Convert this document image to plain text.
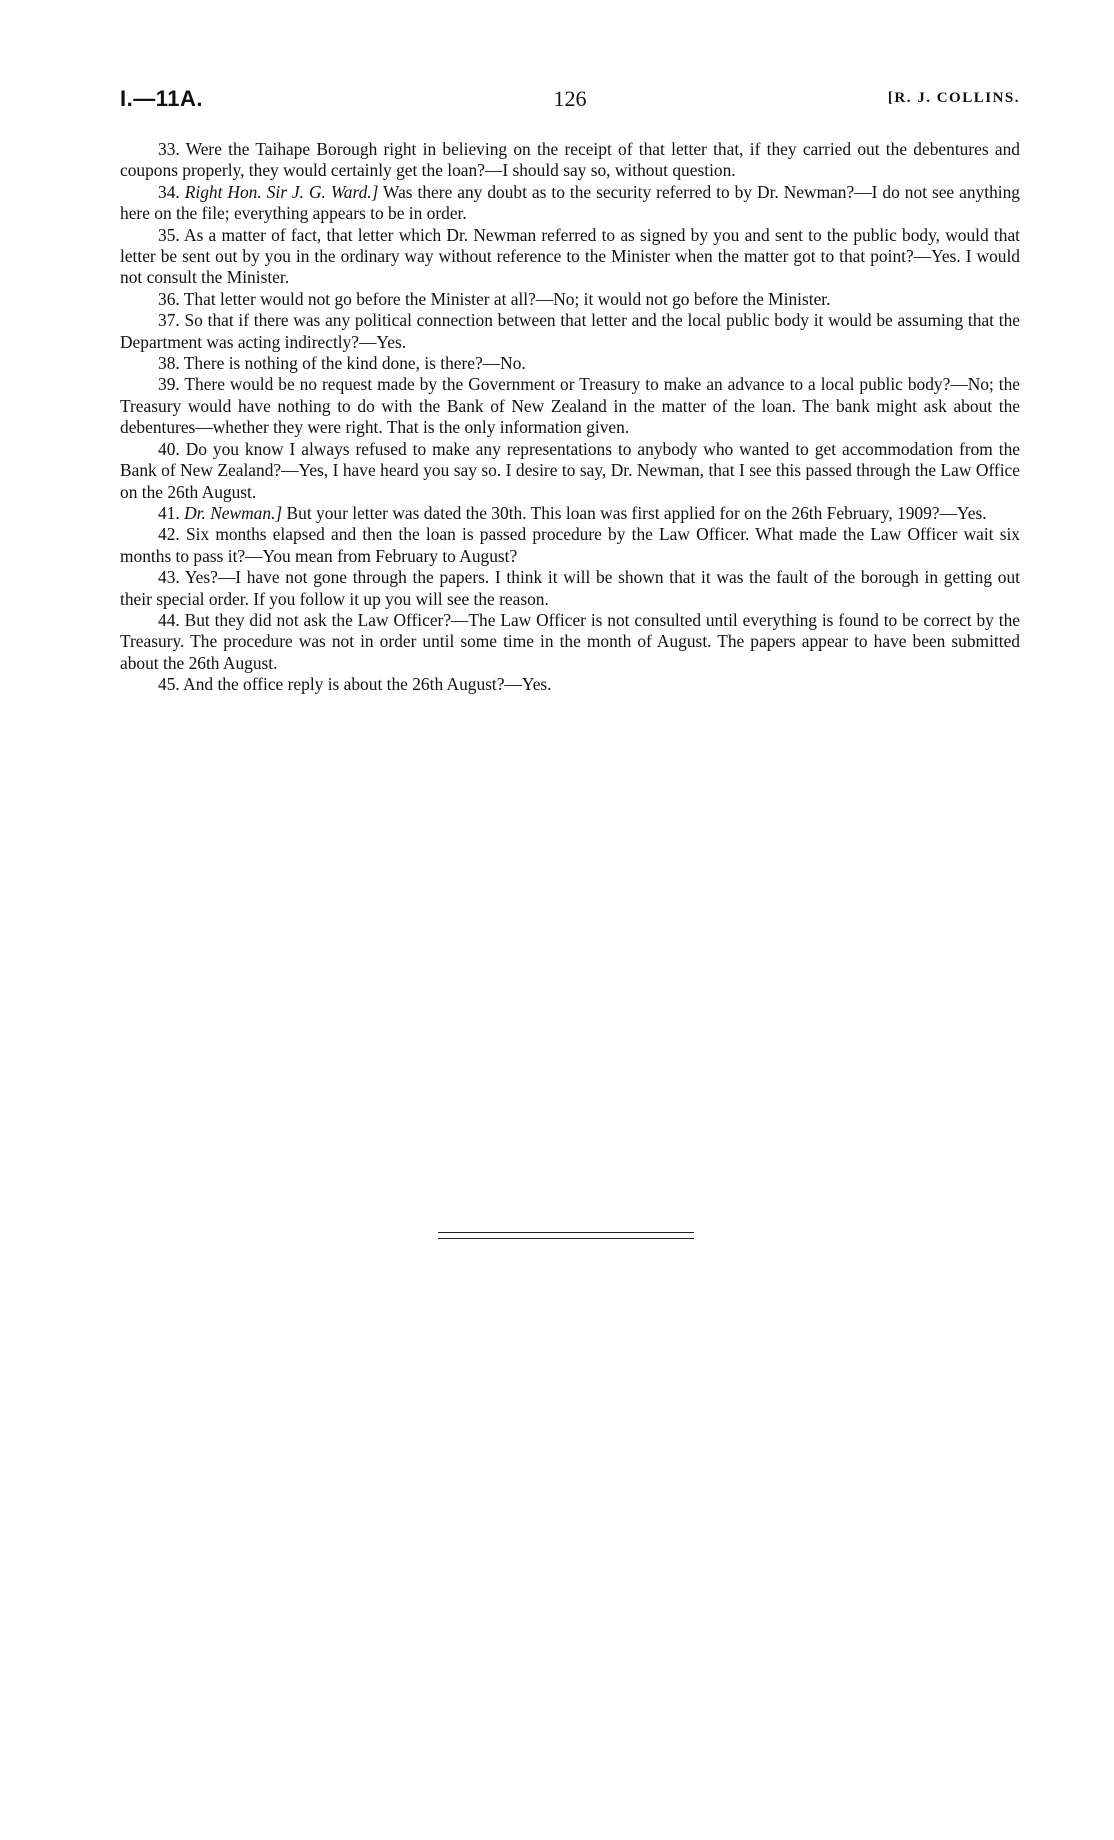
I.—11A.	126	[R. J. COLLINS.

33. Were the Taihape Borough right in believing on the receipt of that letter that, if they carried out the debentures and coupons properly, they would certainly get the loan?—I should say so, without question.

34. Right Hon. Sir J. G. Ward.] Was there any doubt as to the security referred to by Dr. Newman?—I do not see anything here on the file; everything appears to be in order.

35. As a matter of fact, that letter which Dr. Newman referred to as signed by you and sent to the public body, would that letter be sent out by you in the ordinary way without reference to the Minister when the matter got to that point?—Yes. I would not consult the Minister.

36. That letter would not go before the Minister at all?—No; it would not go before the Minister.

37. So that if there was any political connection between that letter and the local public body it would be assuming that the Department was acting indirectly?—Yes.

38. There is nothing of the kind done, is there?—No.

39. There would be no request made by the Government or Treasury to make an advance to a local public body?—No; the Treasury would have nothing to do with the Bank of New Zealand in the matter of the loan. The bank might ask about the debentures—whether they were right. That is the only information given.

40. Do you know I always refused to make any representations to anybody who wanted to get accommodation from the Bank of New Zealand?—Yes, I have heard you say so. I desire to say, Dr. Newman, that I see this passed through the Law Office on the 26th August.

41. Dr. Newman.] But your letter was dated the 30th. This loan was first applied for on the 26th February, 1909?—Yes.

42. Six months elapsed and then the loan is passed procedure by the Law Officer. What made the Law Officer wait six months to pass it?—You mean from February to August?

43. Yes?—I have not gone through the papers. I think it will be shown that it was the fault of the borough in getting out their special order. If you follow it up you will see the reason.

44. But they did not ask the Law Officer?—The Law Officer is not consulted until everything is found to be correct by the Treasury. The procedure was not in order until some time in the month of August. The papers appear to have been submitted about the 26th August.

45. And the office reply is about the 26th August?—Yes.
